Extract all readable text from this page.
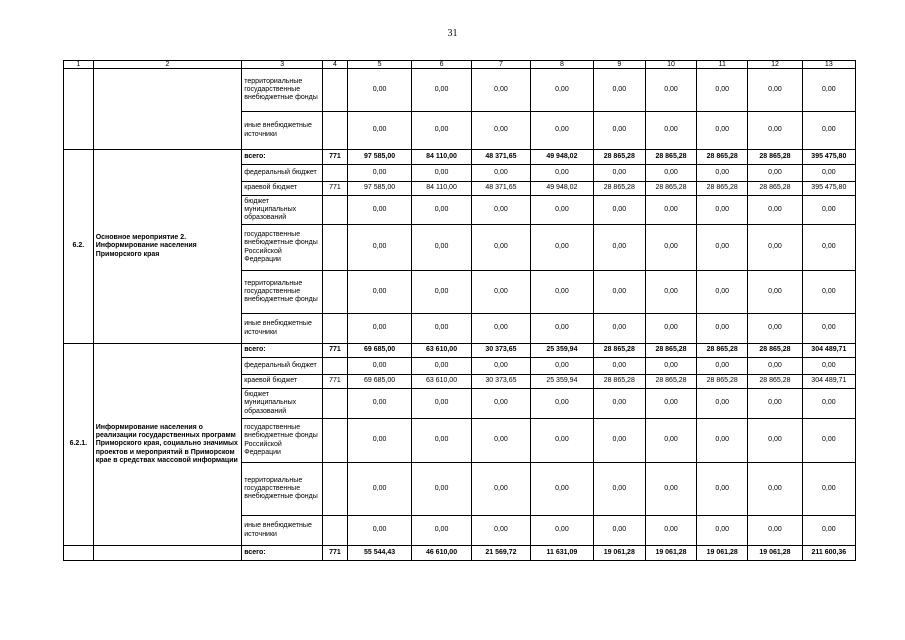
31
1	2	3	4	5	6	7	8	9	10	11	12	13
		территориальные государственные внебюджетные фонды		0,00	0,00	0,00	0,00	0,00	0,00	0,00	0,00	0,00
		иные внебюджетные источники		0,00	0,00	0,00	0,00	0,00	0,00	0,00	0,00	0,00
6.2.	Основное мероприятие 2. Информирование населения Приморского края	всего:	771	97 585,00	84 110,00	48 371,65	49 948,02	28 865,28	28 865,28	28 865,28	28 865,28	395 475,80
		федеральный бюджет		0,00	0,00	0,00	0,00	0,00	0,00	0,00	0,00	0,00
		краевой бюджет	771	97 585,00	84 110,00	48 371,65	49 948,02	28 865,28	28 865,28	28 865,28	28 865,28	395 475,80
		бюджет муниципальных образований		0,00	0,00	0,00	0,00	0,00	0,00	0,00	0,00	0,00
		государственные внебюджетные фонды Российской Федерации		0,00	0,00	0,00	0,00	0,00	0,00	0,00	0,00	0,00
		территориальные государственные внебюджетные фонды		0,00	0,00	0,00	0,00	0,00	0,00	0,00	0,00	0,00
		иные внебюджетные источники		0,00	0,00	0,00	0,00	0,00	0,00	0,00	0,00	0,00
6.2.1.	Информирование населения о реализации государственных программ Приморского края, социально значимых проектов и мероприятий в Приморском крае в средствах массовой информации	всего:	771	69 685,00	63 610,00	30 373,65	25 359,94	28 865,28	28 865,28	28 865,28	28 865,28	304 489,71
		федеральный бюджет		0,00	0,00	0,00	0,00	0,00	0,00	0,00	0,00	0,00
		краевой бюджет	771	69 685,00	63 610,00	30 373,65	25 359,94	28 865,28	28 865,28	28 865,28	28 865,28	304 489,71
		бюджет муниципальных образований		0,00	0,00	0,00	0,00	0,00	0,00	0,00	0,00	0,00
		государственные внебюджетные фонды Российской Федерации		0,00	0,00	0,00	0,00	0,00	0,00	0,00	0,00	0,00
		территориальные государственные внебюджетные фонды		0,00	0,00	0,00	0,00	0,00	0,00	0,00	0,00	0,00
		иные внебюджетные источники		0,00	0,00	0,00	0,00	0,00	0,00	0,00	0,00	0,00
		всего:	771	55 544,43	46 610,00	21 569,72	11 631,09	19 061,28	19 061,28	19 061,28	19 061,28	211 600,36
